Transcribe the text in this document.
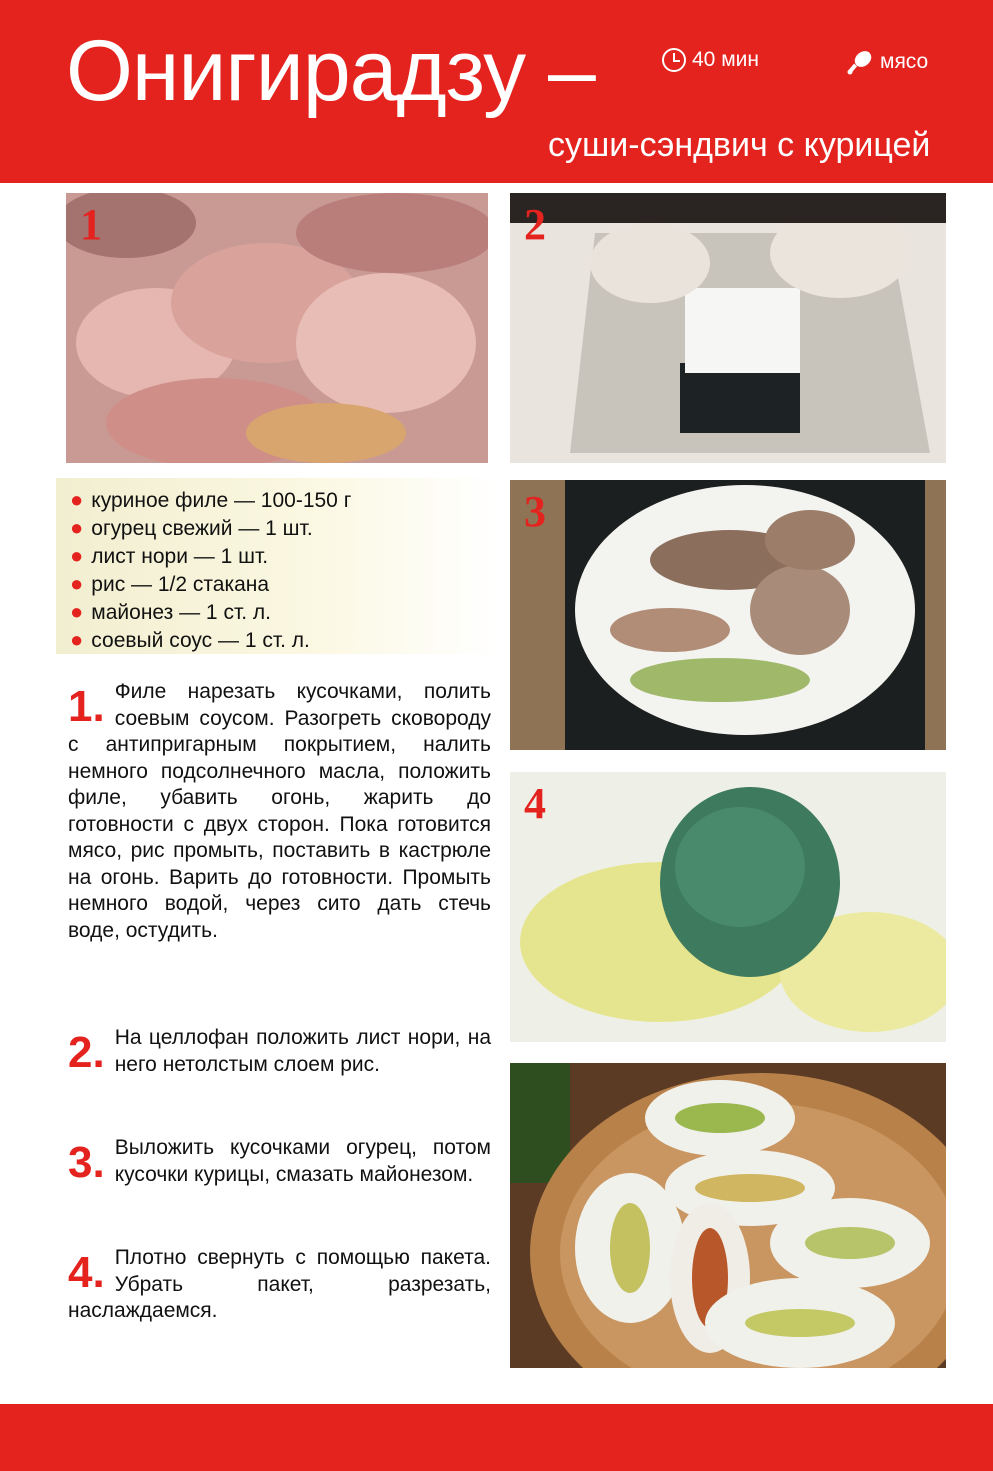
Онигирадзу –
суши-сэндвич с курицей
40 мин	мясо
1	2
● куриное филе — 100-150 г
● огурец свежий — 1 шт.
● лист нори — 1 шт.
● рис — 1/2 стакана
● майонез — 1 ст. л.
● соевый соус — 1 ст. л.
3
4
1. Филе нарезать кусочками, полить соевым соусом. Разогреть сковороду с антипригарным покрытием, налить немного подсолнечного масла, положить филе, убавить огонь, жарить до готовности с двух сторон. Пока готовится мясо, рис промыть, поставить в кастрюле на огонь. Варить до готовности. Промыть немного водой, через сито дать стечь воде, остудить.
2. На целлофан положить лист нори, на него нетолстым слоем рис.
3. Выложить кусочками огурец, потом кусочки курицы, смазать майонезом.
4. Плотно свернуть с помощью пакета. Убрать пакет, разрезать, наслаждаемся.
